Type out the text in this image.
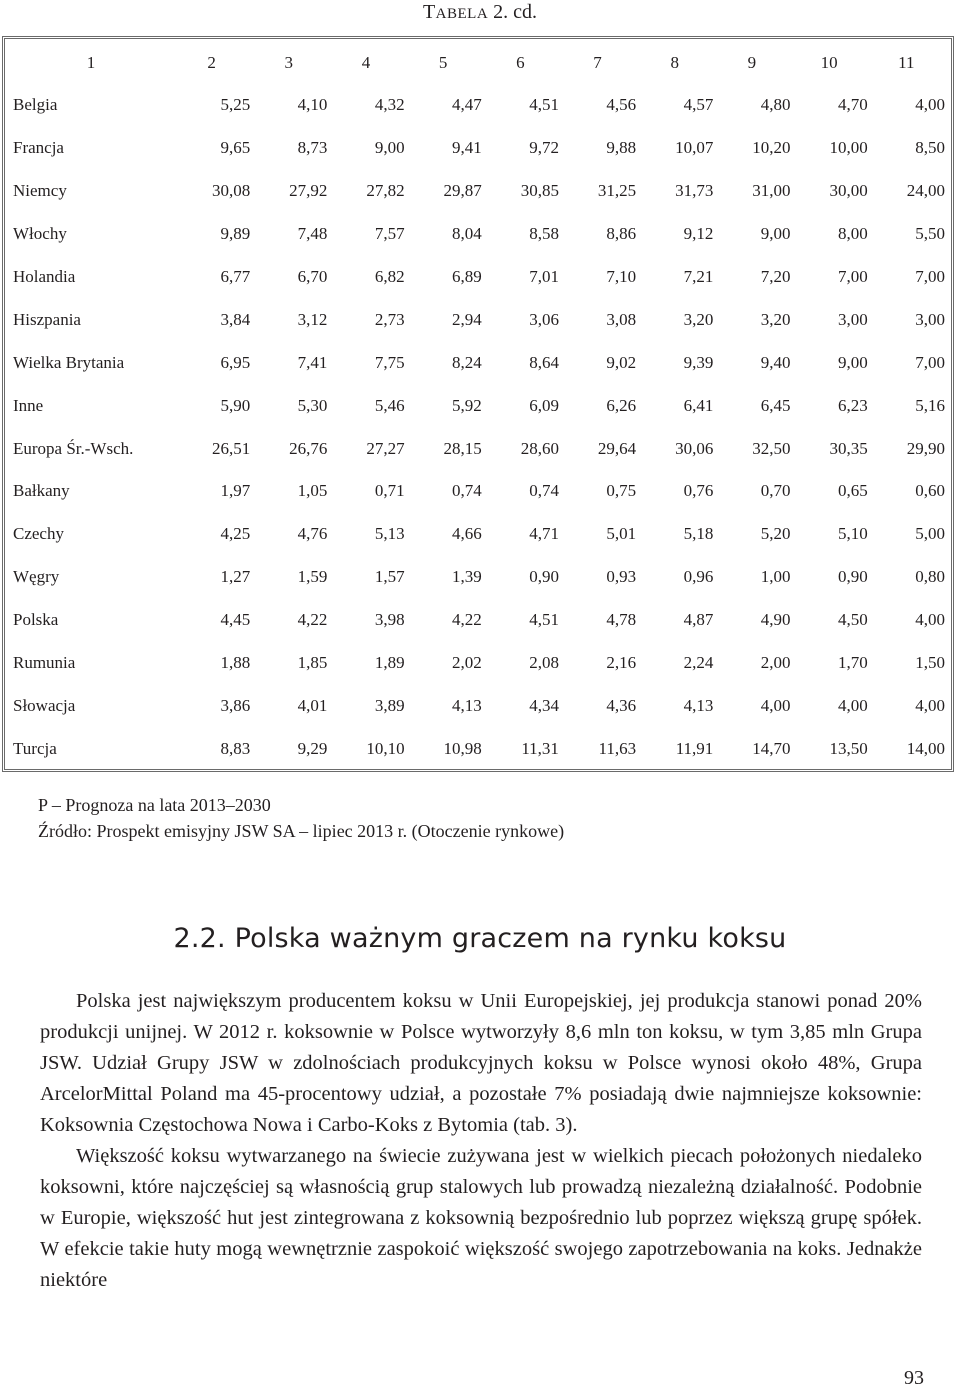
TABELA 2. cd.
1	2	3	4	5	6	7	8	9	10	11
Belgia	5,25	4,10	4,32	4,47	4,51	4,56	4,57	4,80	4,70	4,00
Francja	9,65	8,73	9,00	9,41	9,72	9,88	10,07	10,20	10,00	8,50
Niemcy	30,08	27,92	27,82	29,87	30,85	31,25	31,73	31,00	30,00	24,00
Włochy	9,89	7,48	7,57	8,04	8,58	8,86	9,12	9,00	8,00	5,50
Holandia	6,77	6,70	6,82	6,89	7,01	7,10	7,21	7,20	7,00	7,00
Hiszpania	3,84	3,12	2,73	2,94	3,06	3,08	3,20	3,20	3,00	3,00
Wielka Brytania	6,95	7,41	7,75	8,24	8,64	9,02	9,39	9,40	9,00	7,00
Inne	5,90	5,30	5,46	5,92	6,09	6,26	6,41	6,45	6,23	5,16
Europa Śr.-Wsch.	26,51	26,76	27,27	28,15	28,60	29,64	30,06	32,50	30,35	29,90
Bałkany	1,97	1,05	0,71	0,74	0,74	0,75	0,76	0,70	0,65	0,60
Czechy	4,25	4,76	5,13	4,66	4,71	5,01	5,18	5,20	5,10	5,00
Węgry	1,27	1,59	1,57	1,39	0,90	0,93	0,96	1,00	0,90	0,80
Polska	4,45	4,22	3,98	4,22	4,51	4,78	4,87	4,90	4,50	4,00
Rumunia	1,88	1,85	1,89	2,02	2,08	2,16	2,24	2,00	1,70	1,50
Słowacja	3,86	4,01	3,89	4,13	4,34	4,36	4,13	4,00	4,00	4,00
Turcja	8,83	9,29	10,10	10,98	11,31	11,63	11,91	14,70	13,50	14,00
P – Prognoza na lata 2013–2030
Źródło: Prospekt emisyjny JSW SA – lipiec 2013 r. (Otoczenie rynkowe)
2.2. Polska ważnym graczem na rynku koksu

Polska jest największym producentem koksu w Unii Europejskiej, jej produkcja stanowi ponad 20% produkcji unijnej. W 2012 r. koksownie w Polsce wytworzyły 8,6 mln ton koksu, w tym 3,85 mln Grupa JSW. Udział Grupy JSW w zdolnościach produkcyjnych koksu w Polsce wynosi około 48%, Grupa ArcelorMittal Poland ma 45-procentowy udział, a pozostałe 7% posiadają dwie najmniejsze koksownie: Koksownia Częstochowa Nowa i Carbo-Koks z Bytomia (tab. 3).

Większość koksu wytwarzanego na świecie zużywana jest w wielkich piecach położonych niedaleko koksowni, które najczęściej są własnością grup stalowych lub prowadzą niezależną działalność. Podobnie w Europie, większość hut jest zintegrowana z koksownią bezpośrednio lub poprzez większą grupę spółek. W efekcie takie huty mogą wewnętrznie zaspokoić większość swojego zapotrzebowania na koks. Jednakże niektóre

93
